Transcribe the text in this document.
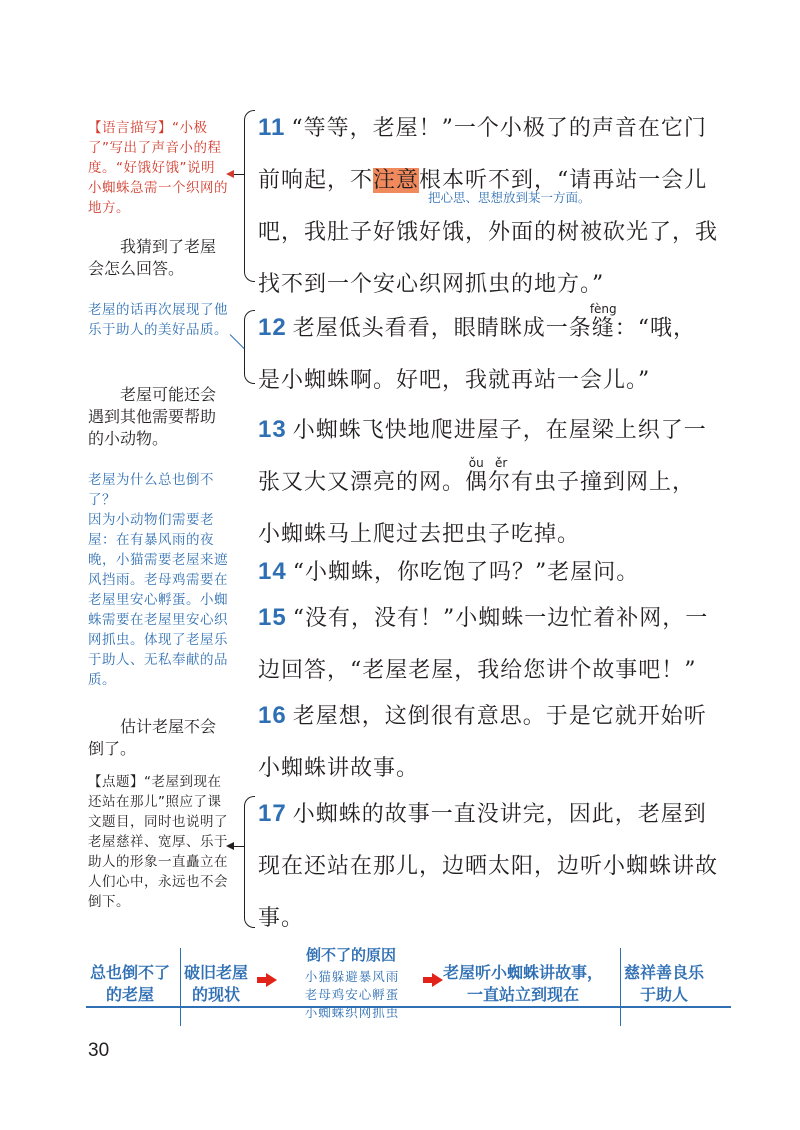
【语言描写】“小极了”写出了声音小的程度。“好饿好饿”说明小蜘蛛急需一个织网的地方。
我猜到了老屋会怎么回答。
老屋的话再次展现了他乐于助人的美好品质。
老屋可能还会遇到其他需要帮助的小动物。
老屋为什么总也倒不了？
因为小动物们需要老屋：在有暴风雨的夜晚，小猫需要老屋来遮风挡雨。老母鸡需要在老屋里安心孵蛋。小蜘蛛需要在老屋里安心织网抓虫。体现了老屋乐于助人、无私奉献的品质。
估计老屋不会倒了。
【点题】“老屋到现在还站在那儿”照应了课文题目，同时也说明了老屋慈祥、宽厚、乐于助人的形象一直矗立在人们心中，永远也不会倒下。
11 “等等，老屋！”一个小极了的声音在它门前响起，不注意根本听不到，“请再站一会儿吧，我肚子好饿好饿，外面的树被砍光了，我找不到一个安心织网抓虫的地方。”
把心思、思想放到某一方面。
12 老屋低头看看，眼睛眯成一条缝fèng：“哦，是小蜘蛛啊。好吧，我就再站一会儿。”
13 小蜘蛛飞快地爬进屋子，在屋梁上织了一张又大又漂亮的网。偶尔ǒu ěr有虫子撞到网上，小蜘蛛马上爬过去把虫子吃掉。
14 “小蜘蛛，你吃饱了吗？”老屋问。
15 “没有，没有！”小蜘蛛一边忙着补网，一边回答，“老屋老屋，我给您讲个故事吧！”
16 老屋想，这倒很有意思。于是它就开始听小蜘蛛讲故事。
17 小蜘蛛的故事一直没讲完，因此，老屋到现在还站在那儿，边晒太阳，边听小蜘蛛讲故事。
总也倒不了的老屋
破旧老屋的现状
倒不了的原因
小猫躲避暴风雨
老母鸡安心孵蛋
小蜘蛛织网抓虫
老屋听小蜘蛛讲故事，一直站立到现在
慈祥善良乐于助人
30
